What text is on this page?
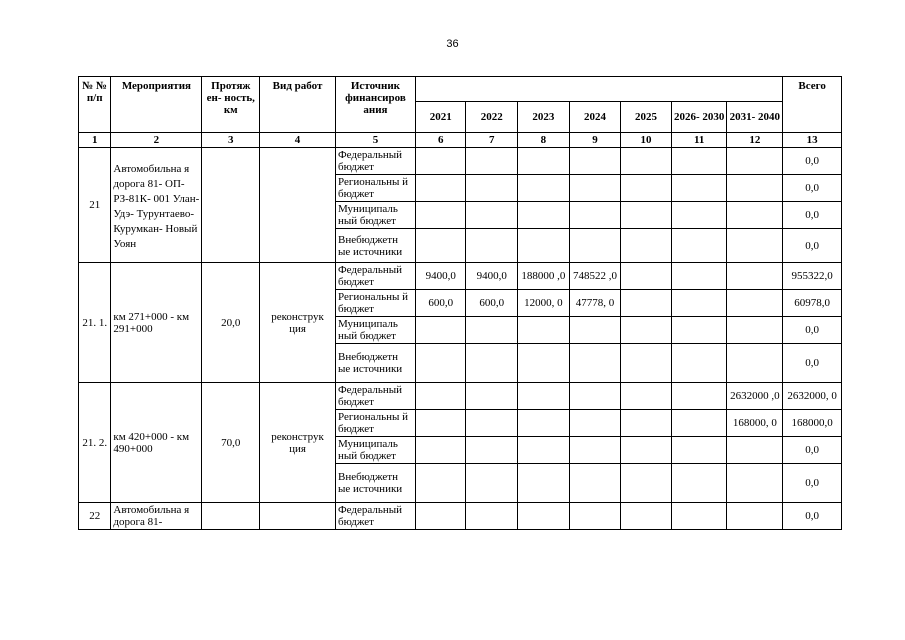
36
№ № п/п	Мероприятия	Протяж ен- ность, км	Вид работ	Источник финансиров ания								Всего
					2021	2022	2023	2024	2025	2026- 2030	2031- 2040	
1	2	3	4	5	6	7	8	9	10	11	12	13
21	Автомобильна я дорога 81- ОП-РЗ-81К- 001 Улан-Удэ- Турунтаево- Курумкан- Новый Уоян			Федеральный бюджет								0,0
				Региональны й бюджет								0,0
				Муниципаль ный бюджет								0,0
				Внебюджетн ые источники								0,0
21. 1.	км 271+000 - км 291+000	20,0	реконструк ция	Федеральный бюджет	9400,0	9400,0	188000 ,0	748522 ,0				955322,0
				Региональны й бюджет	600,0	600,0	12000, 0	47778, 0				60978,0
				Муниципаль ный бюджет								0,0
				Внебюджетн ые источники								0,0
21. 2.	км 420+000 - км 490+000	70,0	реконструк ция	Федеральный бюджет							2632000 ,0	2632000, 0
				Региональны й бюджет							168000, 0	168000,0
				Муниципаль ный бюджет								0,0
				Внебюджетн ые источники								0,0
22	Автомобильна я дорога 81-			Федеральный бюджет								0,0
